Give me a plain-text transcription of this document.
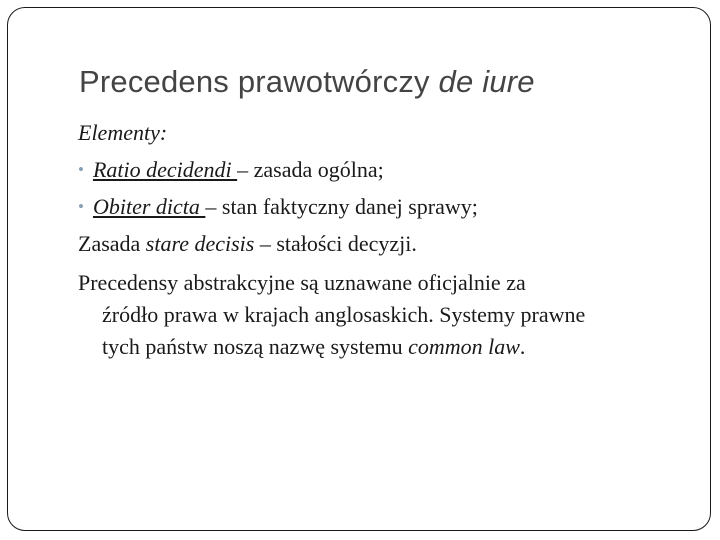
Precedens prawotwórczy de iure
Elementy:
• Ratio decidendi – zasada ogólna;
• Obiter dicta – stan faktyczny danej sprawy;
Zasada stare decisis – stałości decyzji.
Precedensy abstrakcyjne są uznawane oficjalnie za
źródło prawa w krajach anglosaskich. Systemy prawne
tych państw noszą nazwę systemu common law.
